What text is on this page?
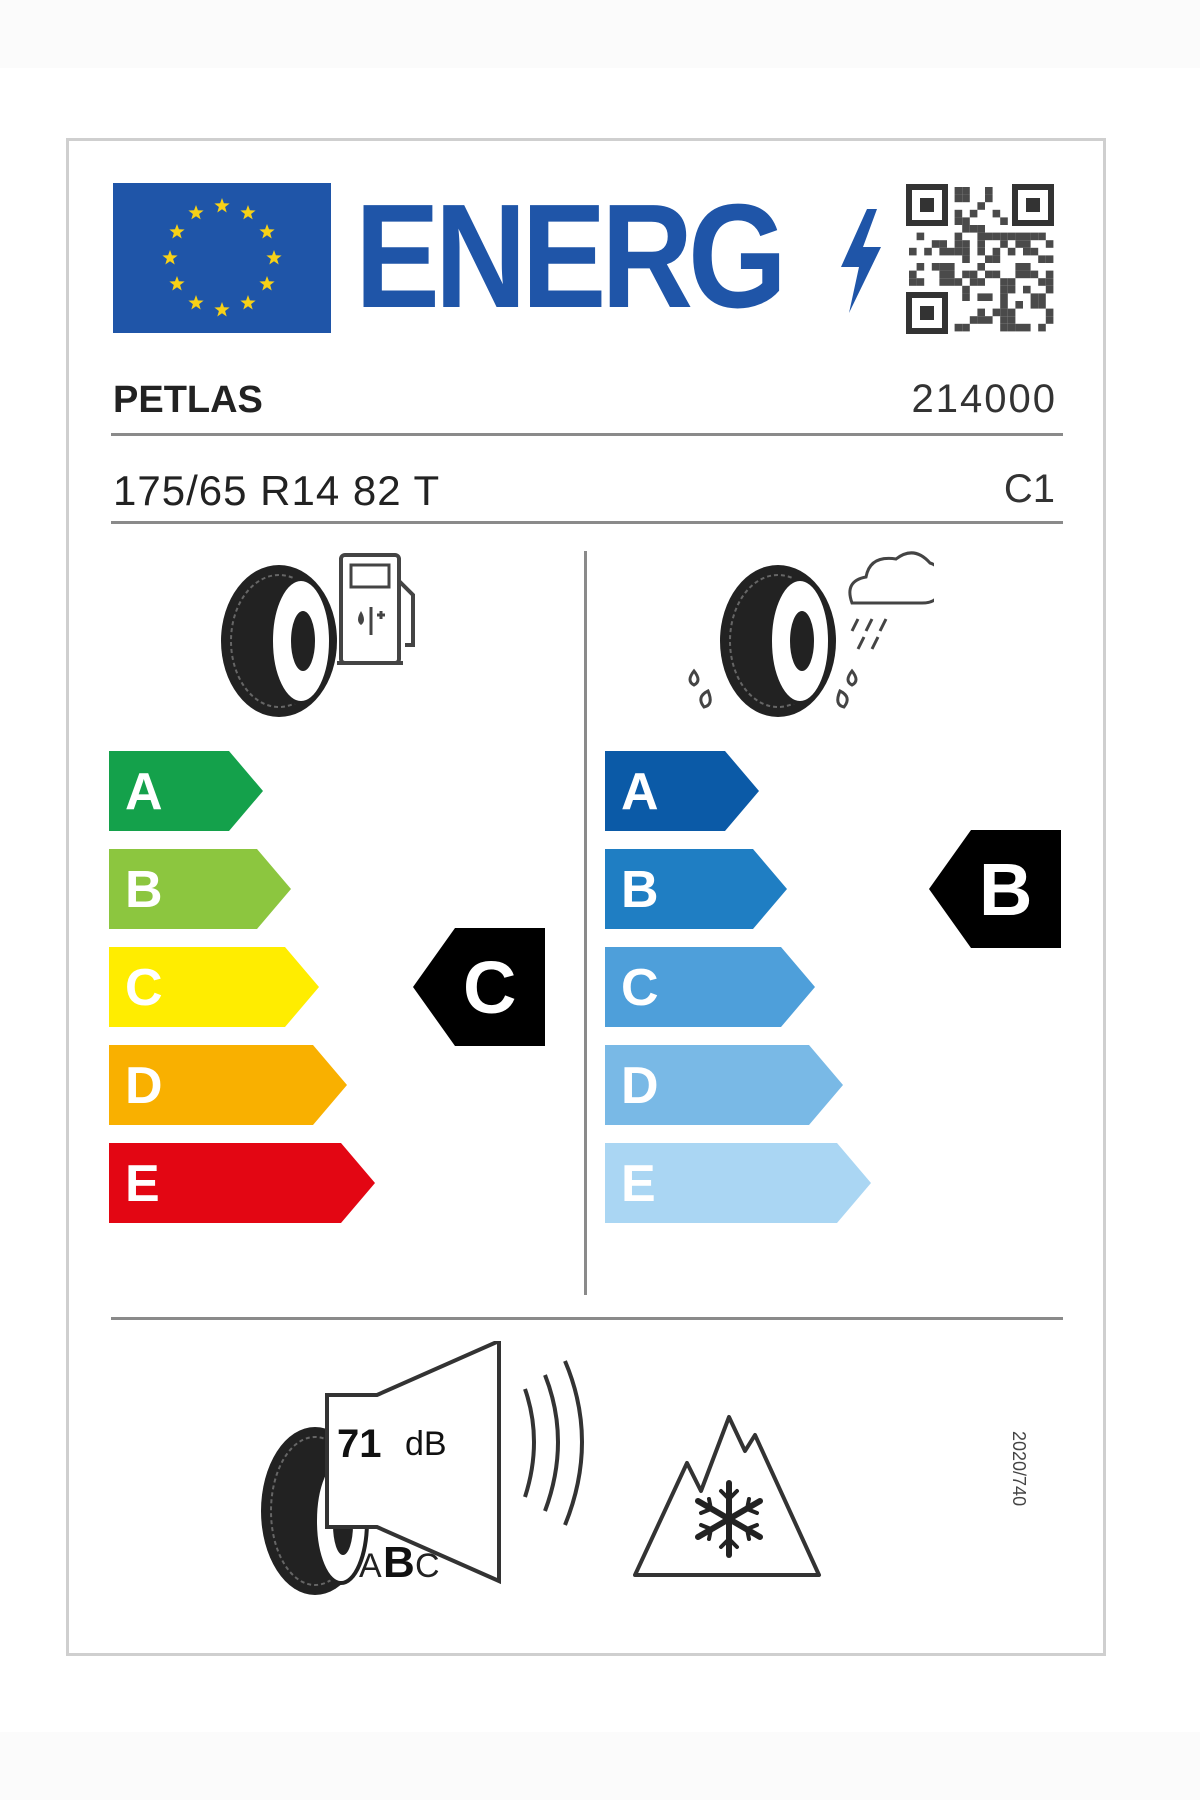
ENERG
PETLAS	214000
175/65 R14 82 T	C1
A
B
C
D
E
A
B
C
D
E
C
B
71 dB
A B C
2020/740
